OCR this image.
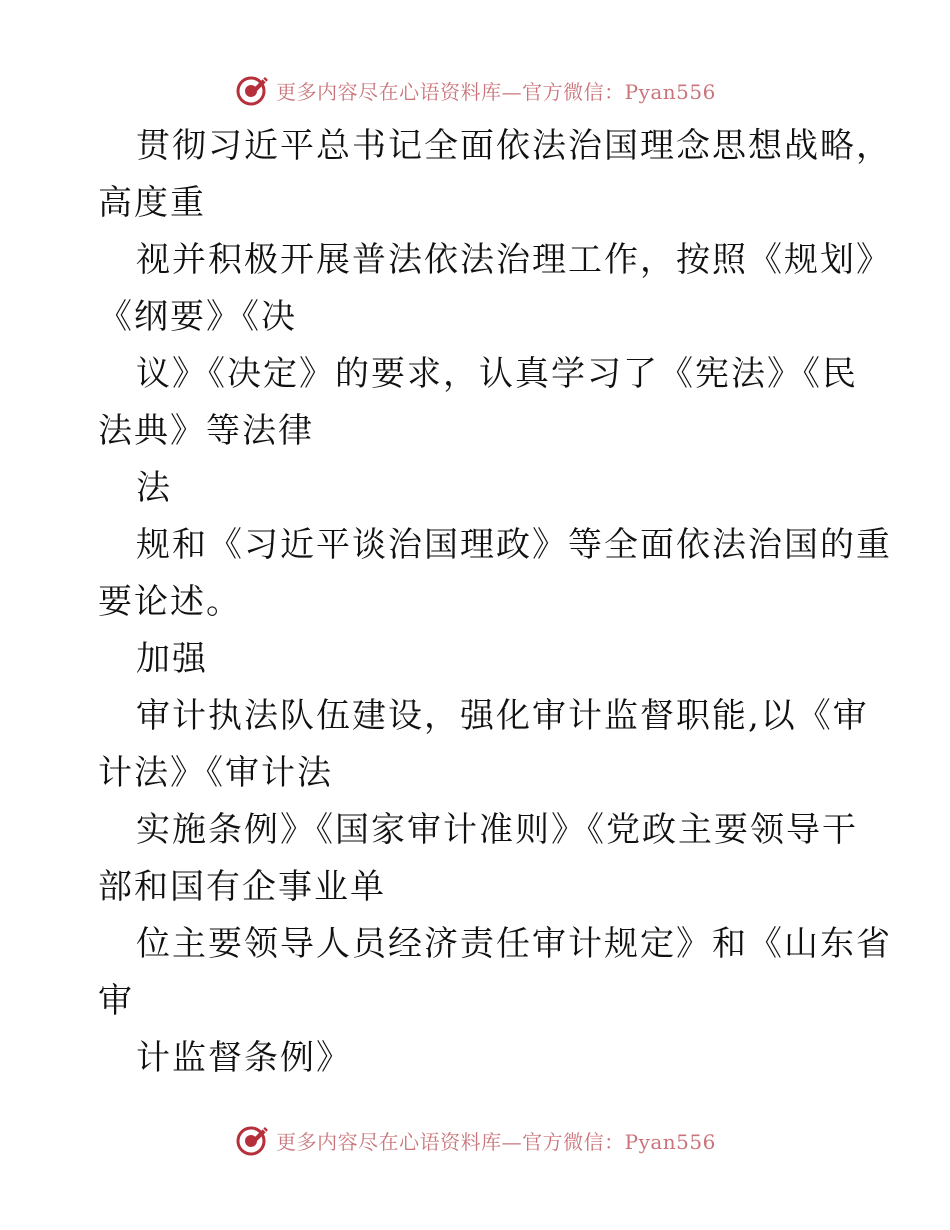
更多内容尽在心语资料库—官方微信：Pyan556
贯彻习近平总书记全面依法治国理念思想战略，
高度重
视并积极开展普法依法治理工作，按照《规划》
《纲要》《决
议》《决定》的要求，认真学习了《宪法》《民
法典》等法律
法
规和《习近平谈治国理政》等全面依法治国的重
要论述。
加强
审计执法队伍建设，强化审计监督职能,以《审
计法》《审计法
实施条例》《国家审计准则》《党政主要领导干
部和国有企事业单
位主要领导人员经济责任审计规定》和《山东省
审
计监督条例》
更多内容尽在心语资料库—官方微信：Pyan556
